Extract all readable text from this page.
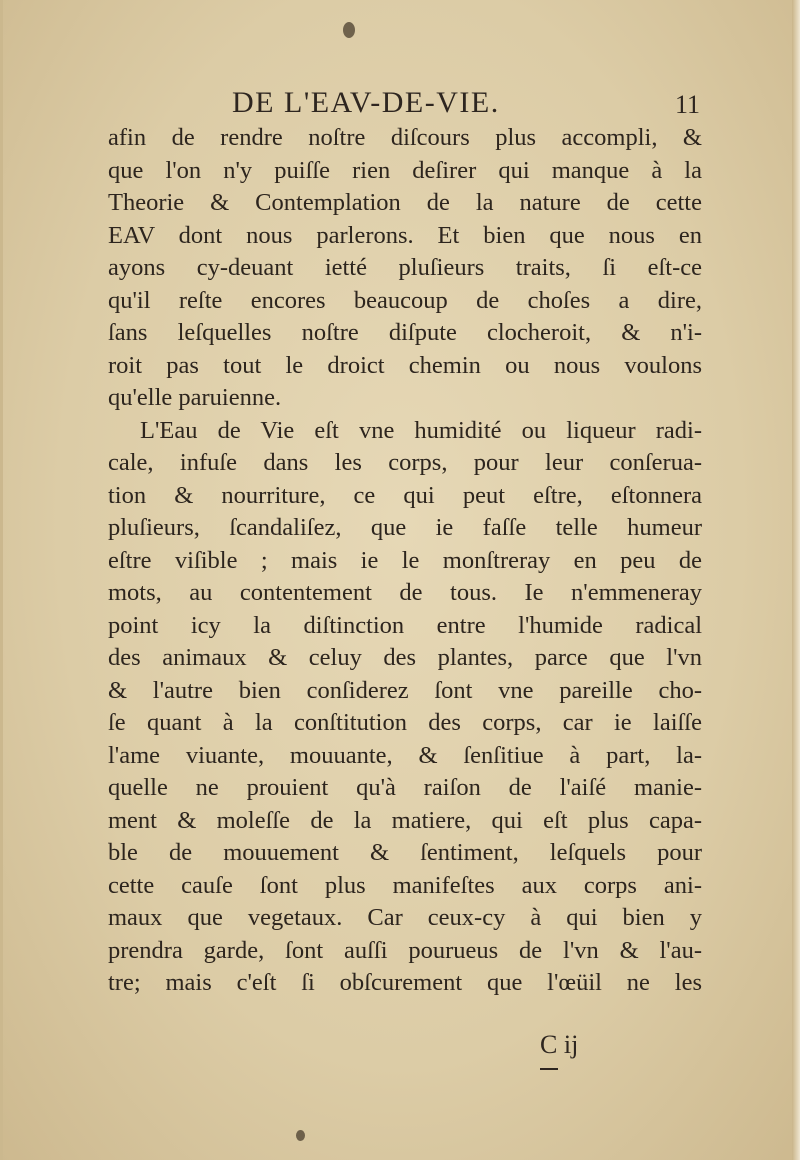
DE L'EAV-DE-VIE.	11
afin de rendre noſtre diſcours plus accompli, &
que l'on n'y puiſſe rien deſirer qui manque à la
Theorie & Contemplation de la nature de cette
EAV dont nous parlerons. Et bien que nous en
ayons cy-deuant ietté pluſieurs traits, ſi eſt-ce
qu'il reſte encores beaucoup de choſes a dire,
ſans leſquelles noſtre diſpute clocheroit, & n'i-
roit pas tout le droict chemin ou nous voulons
qu'elle paruienne.
L'Eau de Vie eſt vne humidité ou liqueur radi-
cale, infuſe dans les corps, pour leur conſerua-
tion & nourriture, ce qui peut eſtre, eſtonnera
pluſieurs, ſcandaliſez, que ie faſſe telle humeur
eſtre viſible ; mais ie le monſtreray en peu de
mots, au contentement de tous. Ie n'emmeneray
point icy la diſtinction entre l'humide radical
des animaux & celuy des plantes, parce que l'vn
& l'autre bien conſiderez ſont vne pareille cho-
ſe quant à la conſtitution des corps, car ie laiſſe
l'ame viuante, mouuante, & ſenſitiue à part, la-
quelle ne prouient qu'à raiſon de l'aiſé manie-
ment & moleſſe de la matiere, qui eſt plus capa-
ble de mouuement & ſentiment, leſquels pour
cette cauſe ſont plus manifeſtes aux corps ani-
maux que vegetaux. Car ceux-cy à qui bien y
prendra garde, ſont auſſi pourueus de l'vn & l'au-
tre; mais c'eſt ſi obſcurement que l'œüil ne les
C ij
